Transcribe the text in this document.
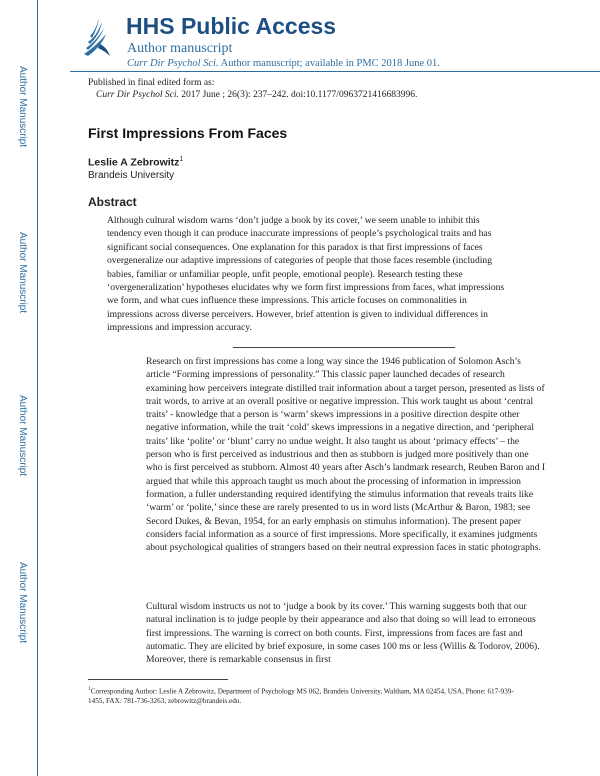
Author Manuscript
Author Manuscript
Author Manuscript
Author Manuscript
HHS Public Access
Author manuscript
Curr Dir Psychol Sci. Author manuscript; available in PMC 2018 June 01.
Published in final edited form as:
Curr Dir Psychol Sci. 2017 June ; 26(3): 237–242. doi:10.1177/0963721416683996.
First Impressions From Faces
Leslie A Zebrowitz$^1$
Brandeis University
Abstract
Although cultural wisdom warns ‘don’t judge a book by its cover,’ we seem unable to inhibit this tendency even though it can produce inaccurate impressions of people’s psychological traits and has significant social consequences. One explanation for this paradox is that first impressions of faces overgeneralize our adaptive impressions of categories of people that those faces resemble (including babies, familiar or unfamiliar people, unfit people, emotional people). Research testing these ‘overgeneralization’ hypotheses elucidates why we form first impressions from faces, what impressions we form, and what cues influence these impressions. This article focuses on commonalities in impressions across diverse perceivers. However, brief attention is given to individual differences in impressions and impression accuracy.
Research on first impressions has come a long way since the 1946 publication of Solomon Asch’s article “Forming impressions of personality.” This classic paper launched decades of research examining how perceivers integrate distilled trait information about a target person, presented as lists of trait words, to arrive at an overall positive or negative impression. This work taught us about ‘central traits’ - knowledge that a person is ‘warm’ skews impressions in a positive direction despite other negative information, while the trait ‘cold’ skews impressions in a negative direction, and ‘peripheral traits’ like ‘polite’ or ‘blunt’ carry no undue weight. It also taught us about ‘primacy effects’ – the person who is first perceived as industrious and then as stubborn is judged more positively than one who is first perceived as stubborn. Almost 40 years after Asch’s landmark research, Reuben Baron and I argued that while this approach taught us much about the processing of information in impression formation, a fuller understanding required identifying the stimulus information that reveals traits like ‘warm’ or ‘polite,’ since these are rarely presented to us in word lists (McArthur & Baron, 1983; see Secord Dukes, & Bevan, 1954, for an early emphasis on stimulus information). The present paper considers facial information as a source of first impressions. More specifically, it examines judgments about psychological qualities of strangers based on their neutral expression faces in static photographs.
Cultural wisdom instructs us not to ‘judge a book by its cover.’ This warning suggests both that our natural inclination is to judge people by their appearance and also that doing so will lead to erroneous first impressions. The warning is correct on both counts. First, impressions from faces are fast and automatic. They are elicited by brief exposure, in some cases 100 ms or less (Willis & Todorov, 2006). Moreover, there is remarkable consensus in first
$^1$Corresponding Author: Leslie A Zebrowitz, Department of Psychology MS 062, Brandeis University, Waltham, MA 02454, USA, Phone: 617-939-1455, FAX: 781-736-3263, zebrowitz@brandeis.edu.
